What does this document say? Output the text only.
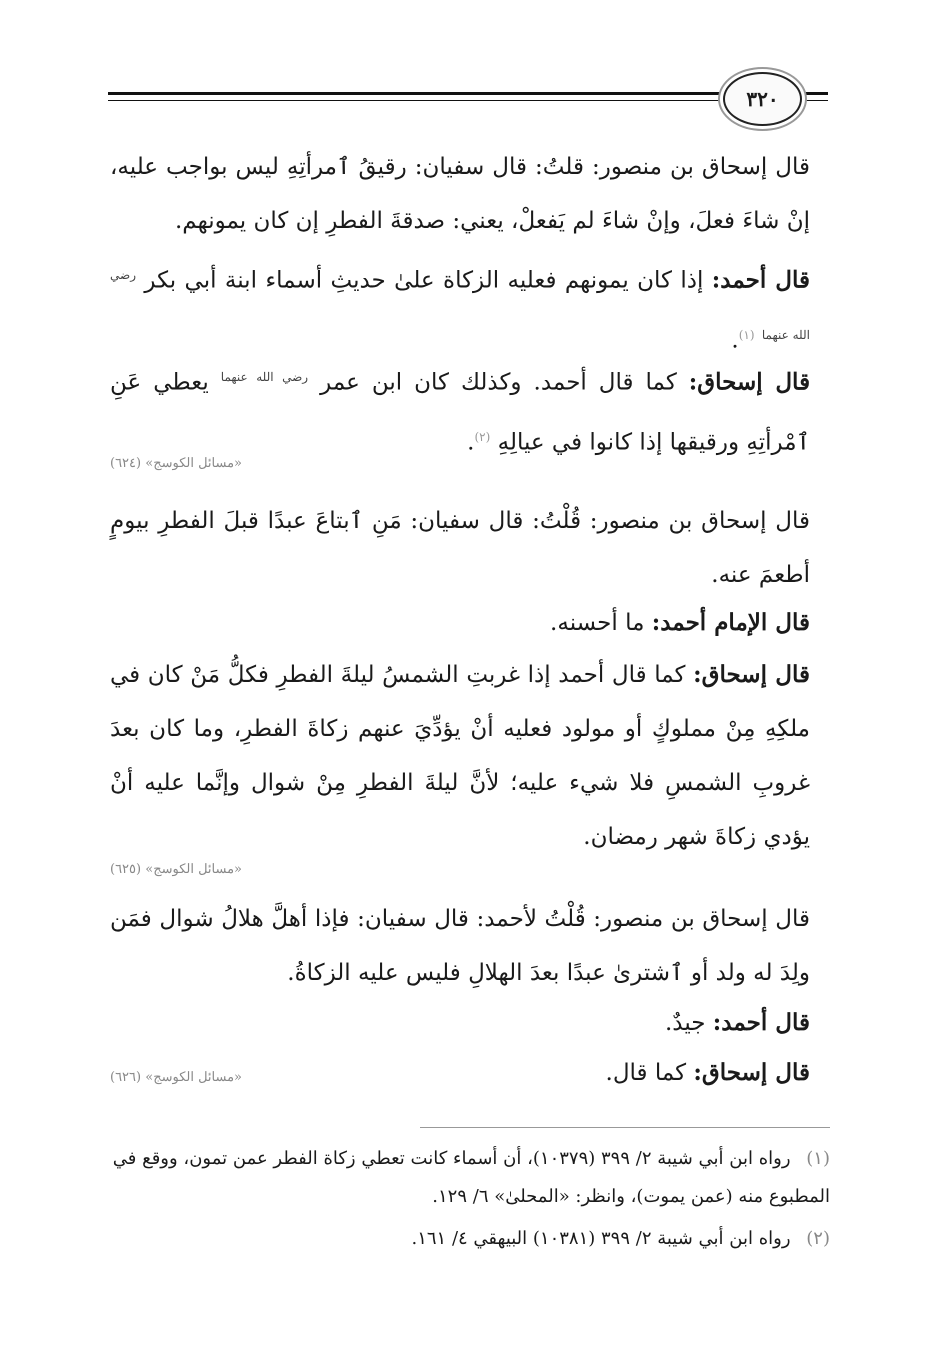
٣٢٠
قال إسحاق بن منصور: قلتُ: قال سفيان: رقيقُ ٱمرأتِهِ ليس بواجب عليه، إنْ شاءَ فعلَ، وإنْ شاءَ لم يَفعلْ، يعني: صدقةَ الفطرِ إن كان يمونهم.
قال أحمد: إذا كان يمونهم فعليه الزكاة علىٰ حديثِ أسماء ابنة أبي بكر $^{رضي الله عنهما}$ $^{(١)}$.
قال إسحاق: كما قال أحمد. وكذلك كان ابن عمر $^{رضي الله عنهما}$ يعطي عَنِ ٱمْرأتِهِ ورقيقها إذا كانوا في عيالِهِ $^{(٢)}$.
«مسائل الكوسج» (٦٢٤)
قال إسحاق بن منصور: قُلْتُ: قال سفيان: مَنِ ٱبتاعَ عبدًا قبلَ الفطرِ بيومٍ أطعمَ عنه.
قال الإمام أحمد: ما أحسنه.
قال إسحاق: كما قال أحمد إذا غربتِ الشمسُ ليلةَ الفطرِ فكلُّ مَنْ كان في ملكِهِ مِنْ مملوكٍ أو مولود فعليه أنْ يؤدِّيَ عنهم زكاةَ الفطرِ، وما كان بعدَ غروبِ الشمسِ فلا شيء عليه؛ لأنَّ ليلةَ الفطرِ مِنْ شوال وإنَّما عليه أنْ يؤدي زكاةَ شهر رمضان.
«مسائل الكوسج» (٦٢٥)
قال إسحاق بن منصور: قُلْتُ لأحمد: قال سفيان: فإذا أهلَّ هلالُ شوال فمَن ولِدَ له ولد أو ٱشترىٰ عبدًا بعدَ الهلالِ فليس عليه الزكاةُ.
قال أحمد: جيدٌ.
قال إسحاق: كما قال.
«مسائل الكوسج» (٦٢٦)
(١) رواه ابن أبي شيبة ٢/ ٣٩٩ (١٠٣٧٩)، أن أسماء كانت تعطي زكاة الفطر عمن تمون، ووقع في المطبوع منه (عمن يموت)، وانظر: «المحلىٰ» ٦/ ١٢٩.
(٢) رواه ابن أبي شيبة ٢/ ٣٩٩ (١٠٣٨١) البيهقي ٤/ ١٦١.
